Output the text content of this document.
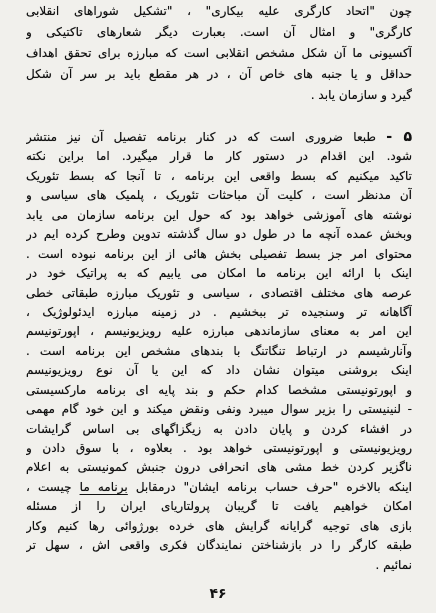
چون "اتحاد کارگری علیه بیکاری" ، "تشکیل شوراهای انقلابی
کارگری" و امثال آن است. بعبارت دیگر شعارهای تاکتیکی و
آکسیونی ما آن شکل مشخص انقلابی است که مبارزه برای تحقق اهداف
حداقل و یا جنبه های خاص آن ، در هر مقطع باید بر سر آن شکل
گیرد و سازمان یابد .
۵ - طبعا ضروری است که در کنار برنامه تفصیل آن نیز منتشر
شود. این اقدام در دستور کار ما قرار میگیرد. اما براین نکته
تاکید میکنیم که بسط واقعی این برنامه ، تا آنجا که بسط تئوریک
آن مدنظر است ، کلیت آن مباحثات تئوریک ، پلمیک های سیاسی و
نوشته های آموزشی خواهد بود که حول این برنامه سازمان می یابد
وبخش عمده آنچه ما در طول دو سال گذشته تدوین وطرح کرده ایم در
محتوای امر جز بسط تفصیلی بخش هائی از این برنامه نبوده است .
اینک با ارائه این برنامه ما امکان می یابیم که به پراتیک خود در
عرصه های مختلف اقتصادی ، سیاسی و تئوریک مبارزه طبقاتی خطی
آگاهانه تر وسنجیده تر ببخشیم . در زمینه مبارزه ایدئولوژیک ،
این امر به معنای سازماندهی مبارزه علیه رویزیونیسم ، اپورتونیسم
وآنارشیسم در ارتباط تنگاتنگ با بندهای مشخص این برنامه است .
اینک بروشنی میتوان نشان داد که این یا آن نوع رویزیونیسم
و اپورتونیستی مشخصا کدام حکم و بند پایه ای برنامه مارکسیستی
- لنینیستی را بزیر سوال میبرد ونفی ونقض میکند و این خود گام مهمی
در افشاء کردن و پایان دادن به زیگزاگهای بی اساس گرایشات
رویزیونیستی و اپورتونیستی خواهد بود . بعلاوه ، با سوق دادن و
ناگزیر کردن خط مشی های انحرافی درون جنبش کمونیستی به اعلام
اینکه بالاخره "حرف حساب برنامه ایشان" درمقابل برنامه ما چیست ،
امکان خواهیم یافت تا گریبان پرولتاریای ایران را از مسئله
بازی های توجیه گرایانه گرایش های خرده بورژوائی رها کنیم وکار
طبقه کارگر را در بازشناختن نمایندگان فکری واقعی اش ، سهل تر
نمائیم .
۴۶
